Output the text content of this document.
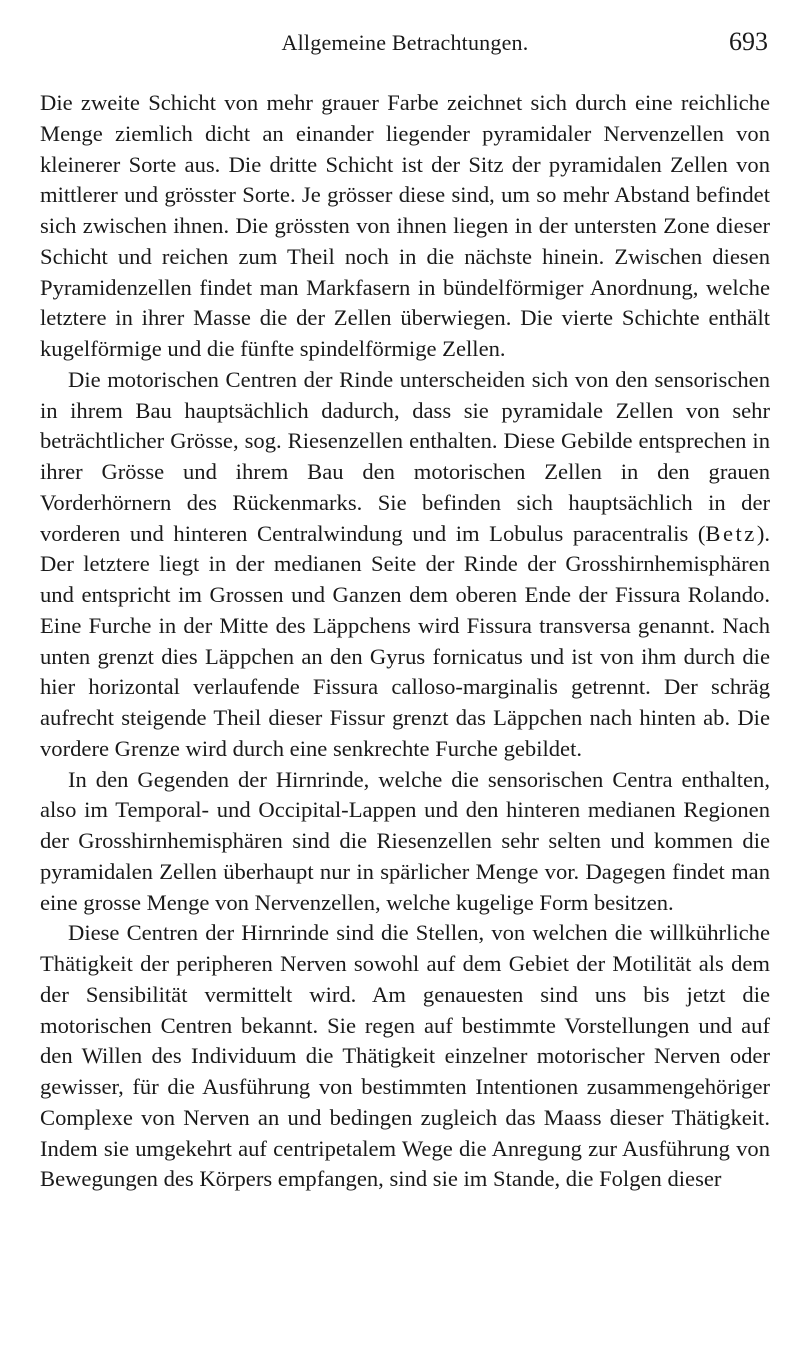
Allgemeine Betrachtungen.	693

Die zweite Schicht von mehr grauer Farbe zeichnet sich durch eine reichliche Menge ziemlich dicht an einander liegender pyramidaler Nervenzellen von kleinerer Sorte aus. Die dritte Schicht ist der Sitz der pyramidalen Zellen von mittlerer und grösster Sorte. Je grösser diese sind, um so mehr Abstand befindet sich zwischen ihnen. Die grössten von ihnen liegen in der untersten Zone dieser Schicht und reichen zum Theil noch in die nächste hinein. Zwischen diesen Pyramidenzellen findet man Markfasern in bündelförmiger Anordnung, welche letztere in ihrer Masse die der Zellen überwiegen. Die vierte Schichte enthält kugelförmige und die fünfte spindelförmige Zellen.

Die motorischen Centren der Rinde unterscheiden sich von den sensorischen in ihrem Bau hauptsächlich dadurch, dass sie pyramidale Zellen von sehr beträchtlicher Grösse, sog. Riesenzellen enthalten. Diese Gebilde entsprechen in ihrer Grösse und ihrem Bau den motorischen Zellen in den grauen Vorderhörnern des Rückenmarks. Sie befinden sich hauptsächlich in der vorderen und hinteren Centralwindung und im Lobulus paracentralis (Betz). Der letztere liegt in der medianen Seite der Rinde der Grosshirnhemisphären und entspricht im Grossen und Ganzen dem oberen Ende der Fissura Rolando. Eine Furche in der Mitte des Läppchens wird Fissura transversa genannt. Nach unten grenzt dies Läppchen an den Gyrus fornicatus und ist von ihm durch die hier horizontal verlaufende Fissura calloso-marginalis getrennt. Der schräg aufrecht steigende Theil dieser Fissur grenzt das Läppchen nach hinten ab. Die vordere Grenze wird durch eine senkrechte Furche gebildet.

In den Gegenden der Hirnrinde, welche die sensorischen Centra enthalten, also im Temporal- und Occipital-Lappen und den hinteren medianen Regionen der Grosshirnhemisphären sind die Riesenzellen sehr selten und kommen die pyramidalen Zellen überhaupt nur in spärlicher Menge vor. Dagegen findet man eine grosse Menge von Nervenzellen, welche kugelige Form besitzen.

Diese Centren der Hirnrinde sind die Stellen, von welchen die willkührliche Thätigkeit der peripheren Nerven sowohl auf dem Gebiet der Motilität als dem der Sensibilität vermittelt wird. Am genauesten sind uns bis jetzt die motorischen Centren bekannt. Sie regen auf bestimmte Vorstellungen und auf den Willen des Individuum die Thätigkeit einzelner motorischer Nerven oder gewisser, für die Ausführung von bestimmten Intentionen zusammengehöriger Complexe von Nerven an und bedingen zugleich das Maass dieser Thätigkeit. Indem sie umgekehrt auf centripetalem Wege die Anregung zur Ausführung von Bewegungen des Körpers empfangen, sind sie im Stande, die Folgen dieser
